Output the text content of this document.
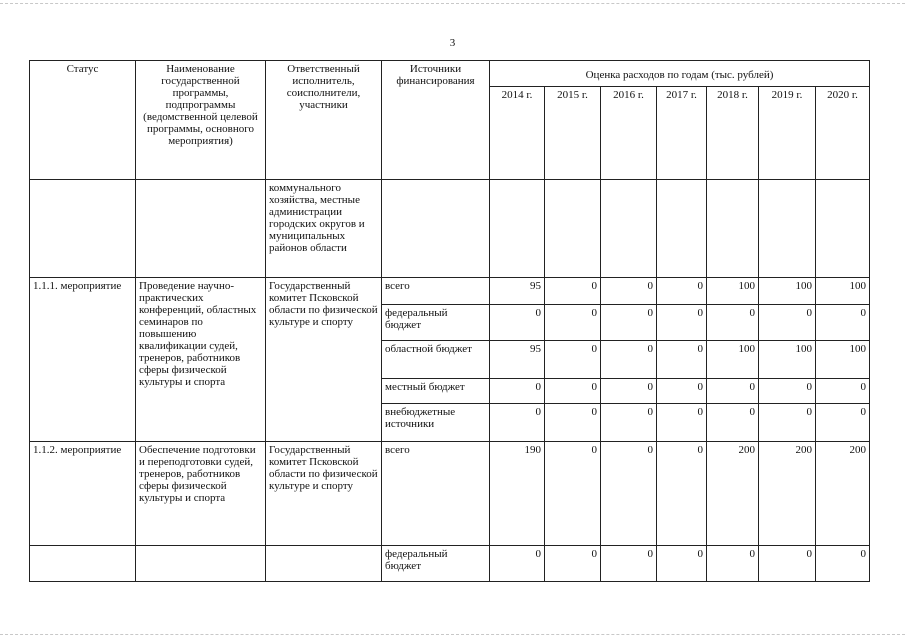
3
Статус	Наименование государственной программы, подпрограммы (ведомственной целевой программы, основного мероприятия)	Ответственный исполнитель, соисполнители, участники	Источники финансирования	Оценка расходов по годам (тыс. рублей)						
				2014 г.	2015 г.	2016 г.	2017 г.	2018 г.	2019 г.	2020 г.
		коммунального хозяйства, местные администрации городских округов и муниципальных районов области								
1.1.1. мероприятие	Проведение научно-практических конференций, областных семинаров по повышению квалификации судей, тренеров, работников сферы физической культуры и спорта	Государственный комитет Псковской области по физической культуре и спорту	всего	95	0	0	0	100	100	100
			федеральный бюджет	0	0	0	0	0	0	0
			областной бюджет	95	0	0	0	100	100	100
			местный бюджет	0	0	0	0	0	0	0
			внебюджетные источники	0	0	0	0	0	0	0
1.1.2. мероприятие	Обеспечение подготовки и переподготовки судей, тренеров, работников сферы физической культуры и спорта	Государственный комитет Псковской области по физической культуре и спорту	всего	190	0	0	0	200	200	200
			федеральный бюджет	0	0	0	0	0	0	0
